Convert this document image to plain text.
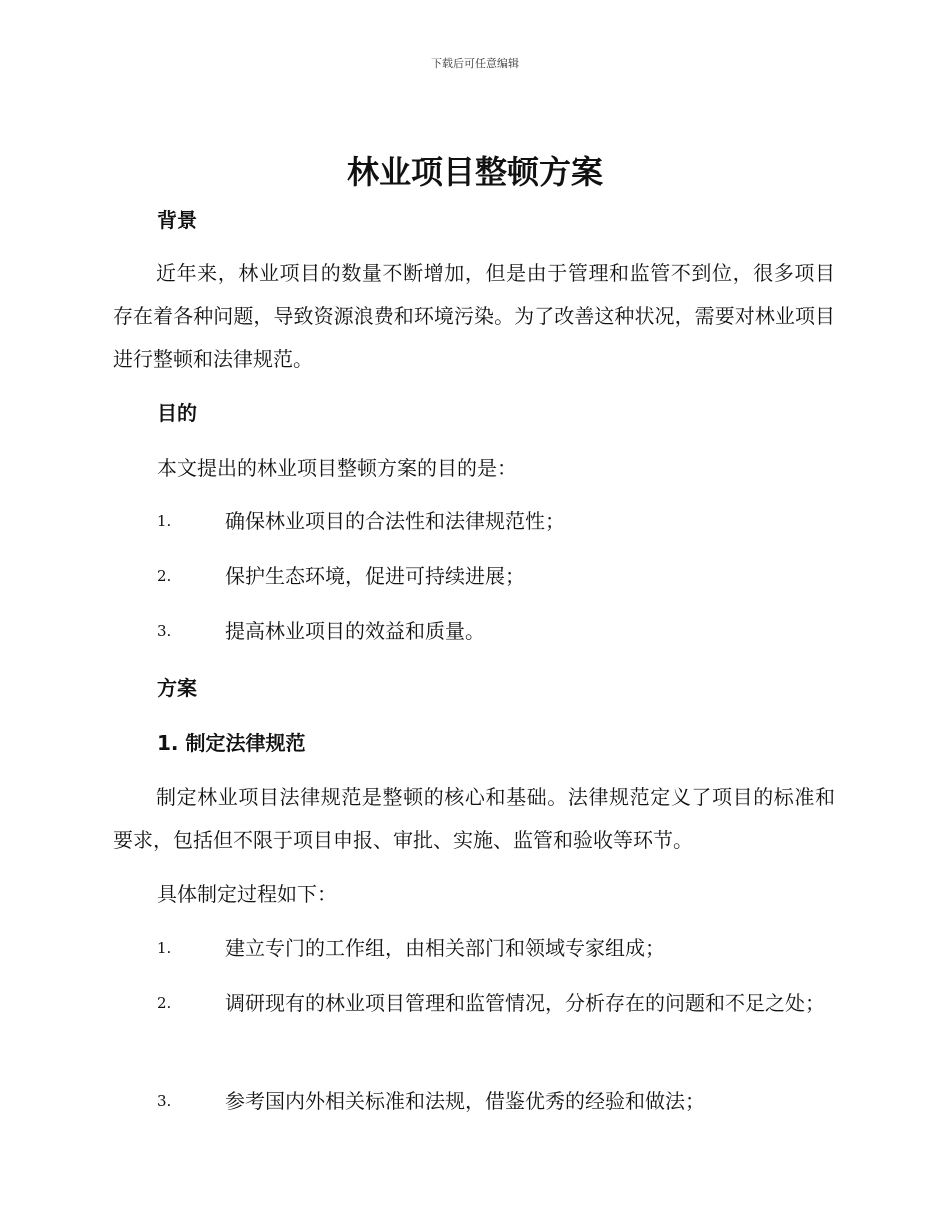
下载后可任意编辑
林业项目整顿方案
背景

近年来，林业项目的数量不断增加，但是由于管理和监管不到位，很多项目存在着各种问题，导致资源浪费和环境污染。为了改善这种状况，需要对林业项目进行整顿和法律规范。

目的

本文提出的林业项目整顿方案的目的是：

1.	确保林业项目的合法性和法律规范性；
2.	保护生态环境，促进可持续进展；
3.	提高林业项目的效益和质量。
方案
1. 制定法律规范

制定林业项目法律规范是整顿的核心和基础。法律规范定义了项目的标准和要求，包括但不限于项目申报、审批、实施、监管和验收等环节。

具体制定过程如下：

1.	建立专门的工作组，由相关部门和领域专家组成；
2.	调研现有的林业项目管理和监管情况，分析存在的问题和不足之处；
3.	参考国内外相关标准和法规，借鉴优秀的经验和做法；
